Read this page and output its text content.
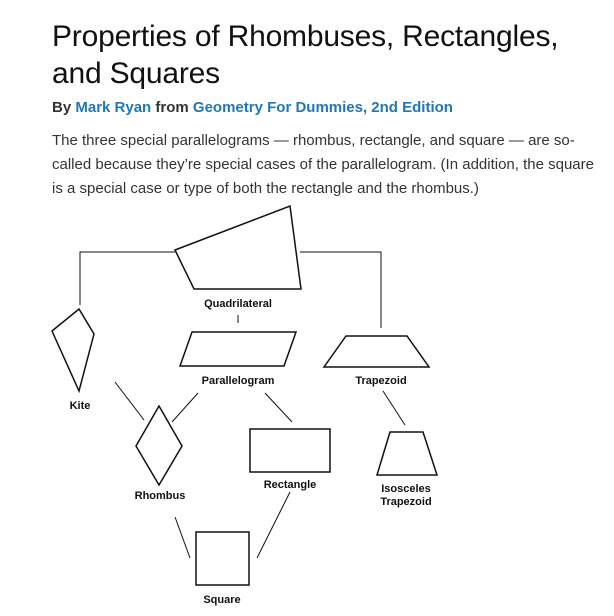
Properties of Rhombuses, Rectangles, and Squares

By Mark Ryan from Geometry For Dummies, 2nd Edition

The three special parallelograms — rhombus, rectangle, and square — are so-called because they’re special cases of the parallelogram. (In addition, the square is a special case or type of both the rectangle and the rhombus.)

Quadrilateral
Kite
Parallelogram	Trapezoid
Rhombus
Rectangle	Isosceles
Trapezoid
Square
